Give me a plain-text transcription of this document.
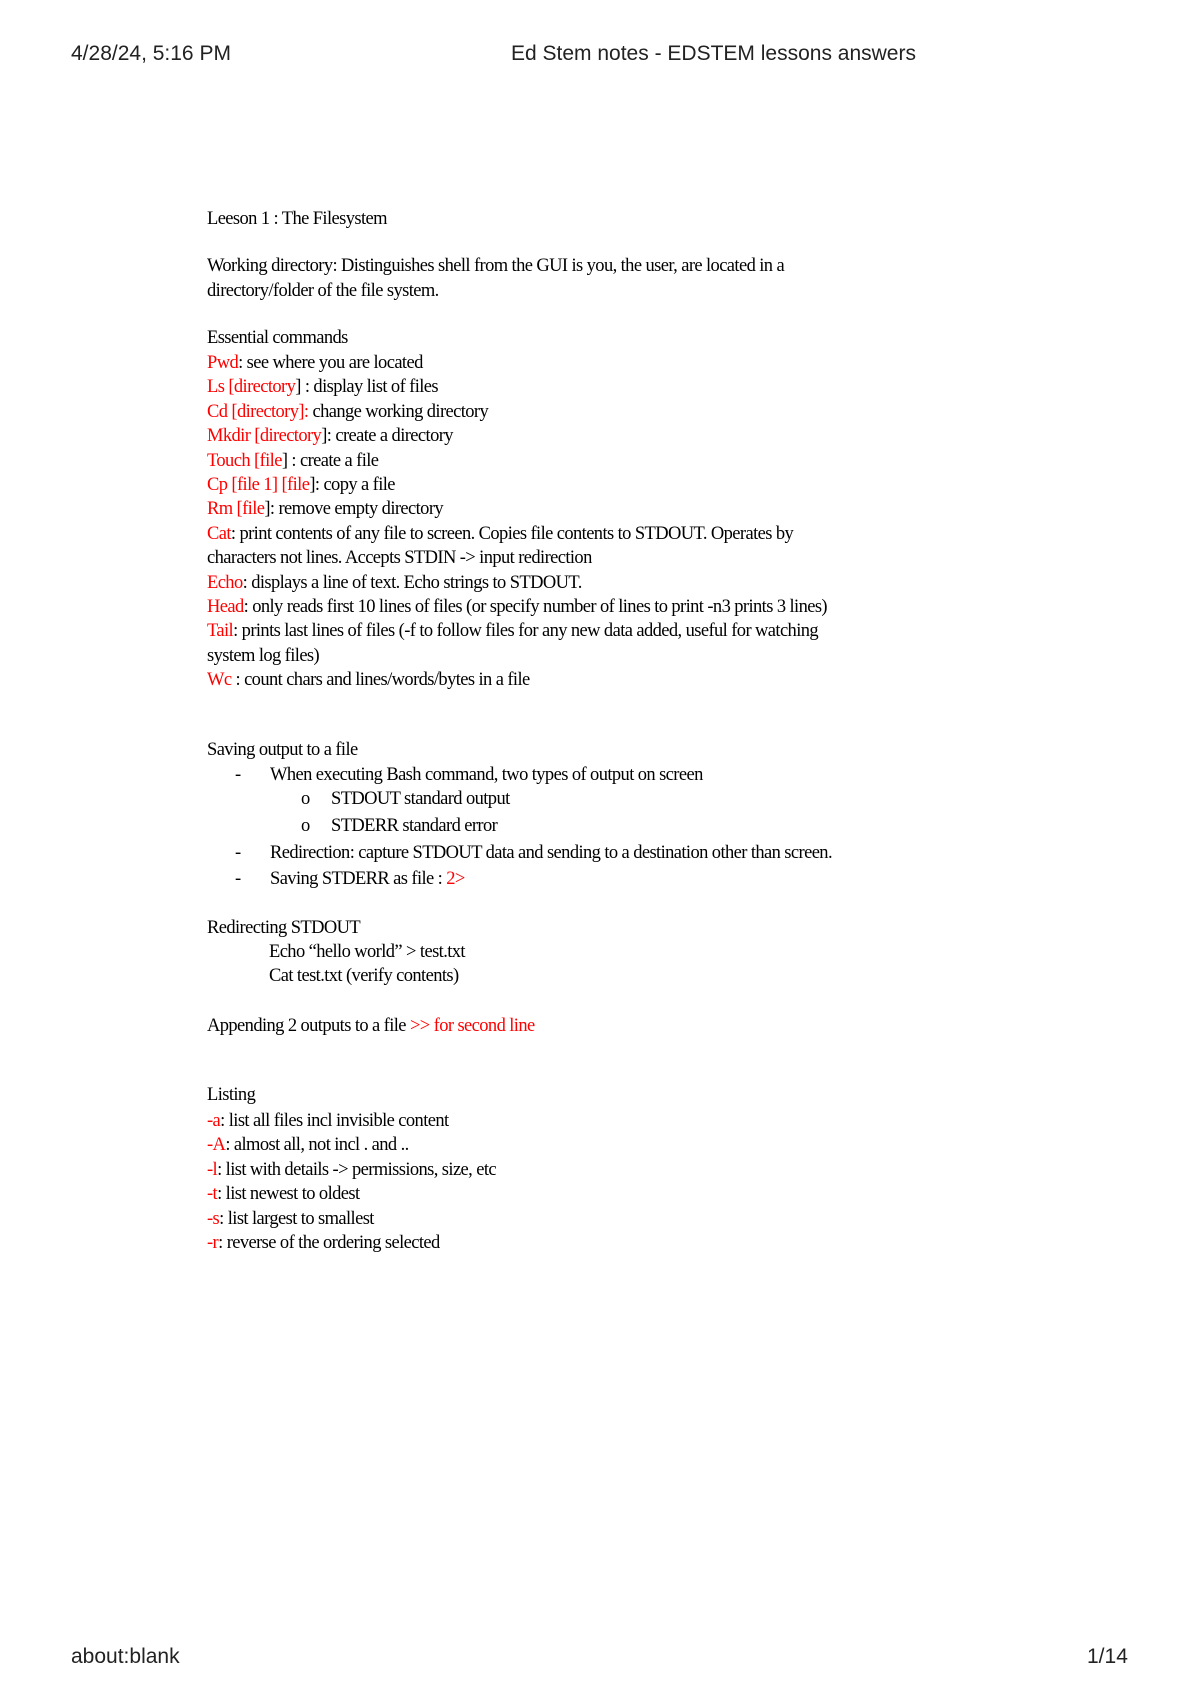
4/28/24, 5:16 PM	Ed Stem notes - EDSTEM lessons answers
Leeson 1 : The Filesystem
Working directory: Distinguishes shell from the GUI is you, the user, are located in a
directory/folder of the file system.
Essential commands
Pwd: see where you are located
Ls [directory] : display list of files
Cd [directory]: change working directory
Mkdir [directory]: create a directory
Touch [file] : create a file
Cp [file 1] [file]: copy a file
Rm [file]: remove empty directory
Cat: print contents of any file to screen. Copies file contents to STDOUT. Operates by
characters not lines. Accepts STDIN -> input redirection
Echo: displays a line of text. Echo strings to STDOUT.
Head: only reads first 10 lines of files (or specify number of lines to print -n3 prints 3 lines)
Tail: prints last lines of files (-f to follow files for any new data added, useful for watching
system log files)
Wc : count chars and lines/words/bytes in a file
Saving output to a file
- When executing Bash command, two types of output on screen
o STDOUT standard output
o STDERR standard error
- Redirection: capture STDOUT data and sending to a destination other than screen.
- Saving STDERR as file : 2>
Redirecting STDOUT
Echo “hello world” > test.txt
Cat test.txt (verify contents)
Appending 2 outputs to a file >> for second line
Listing
-a: list all files incl invisible content
-A: almost all, not incl . and ..
-l: list with details -> permissions, size, etc
-t: list newest to oldest
-s: list largest to smallest
-r: reverse of the ordering selected
about:blank	1/14
